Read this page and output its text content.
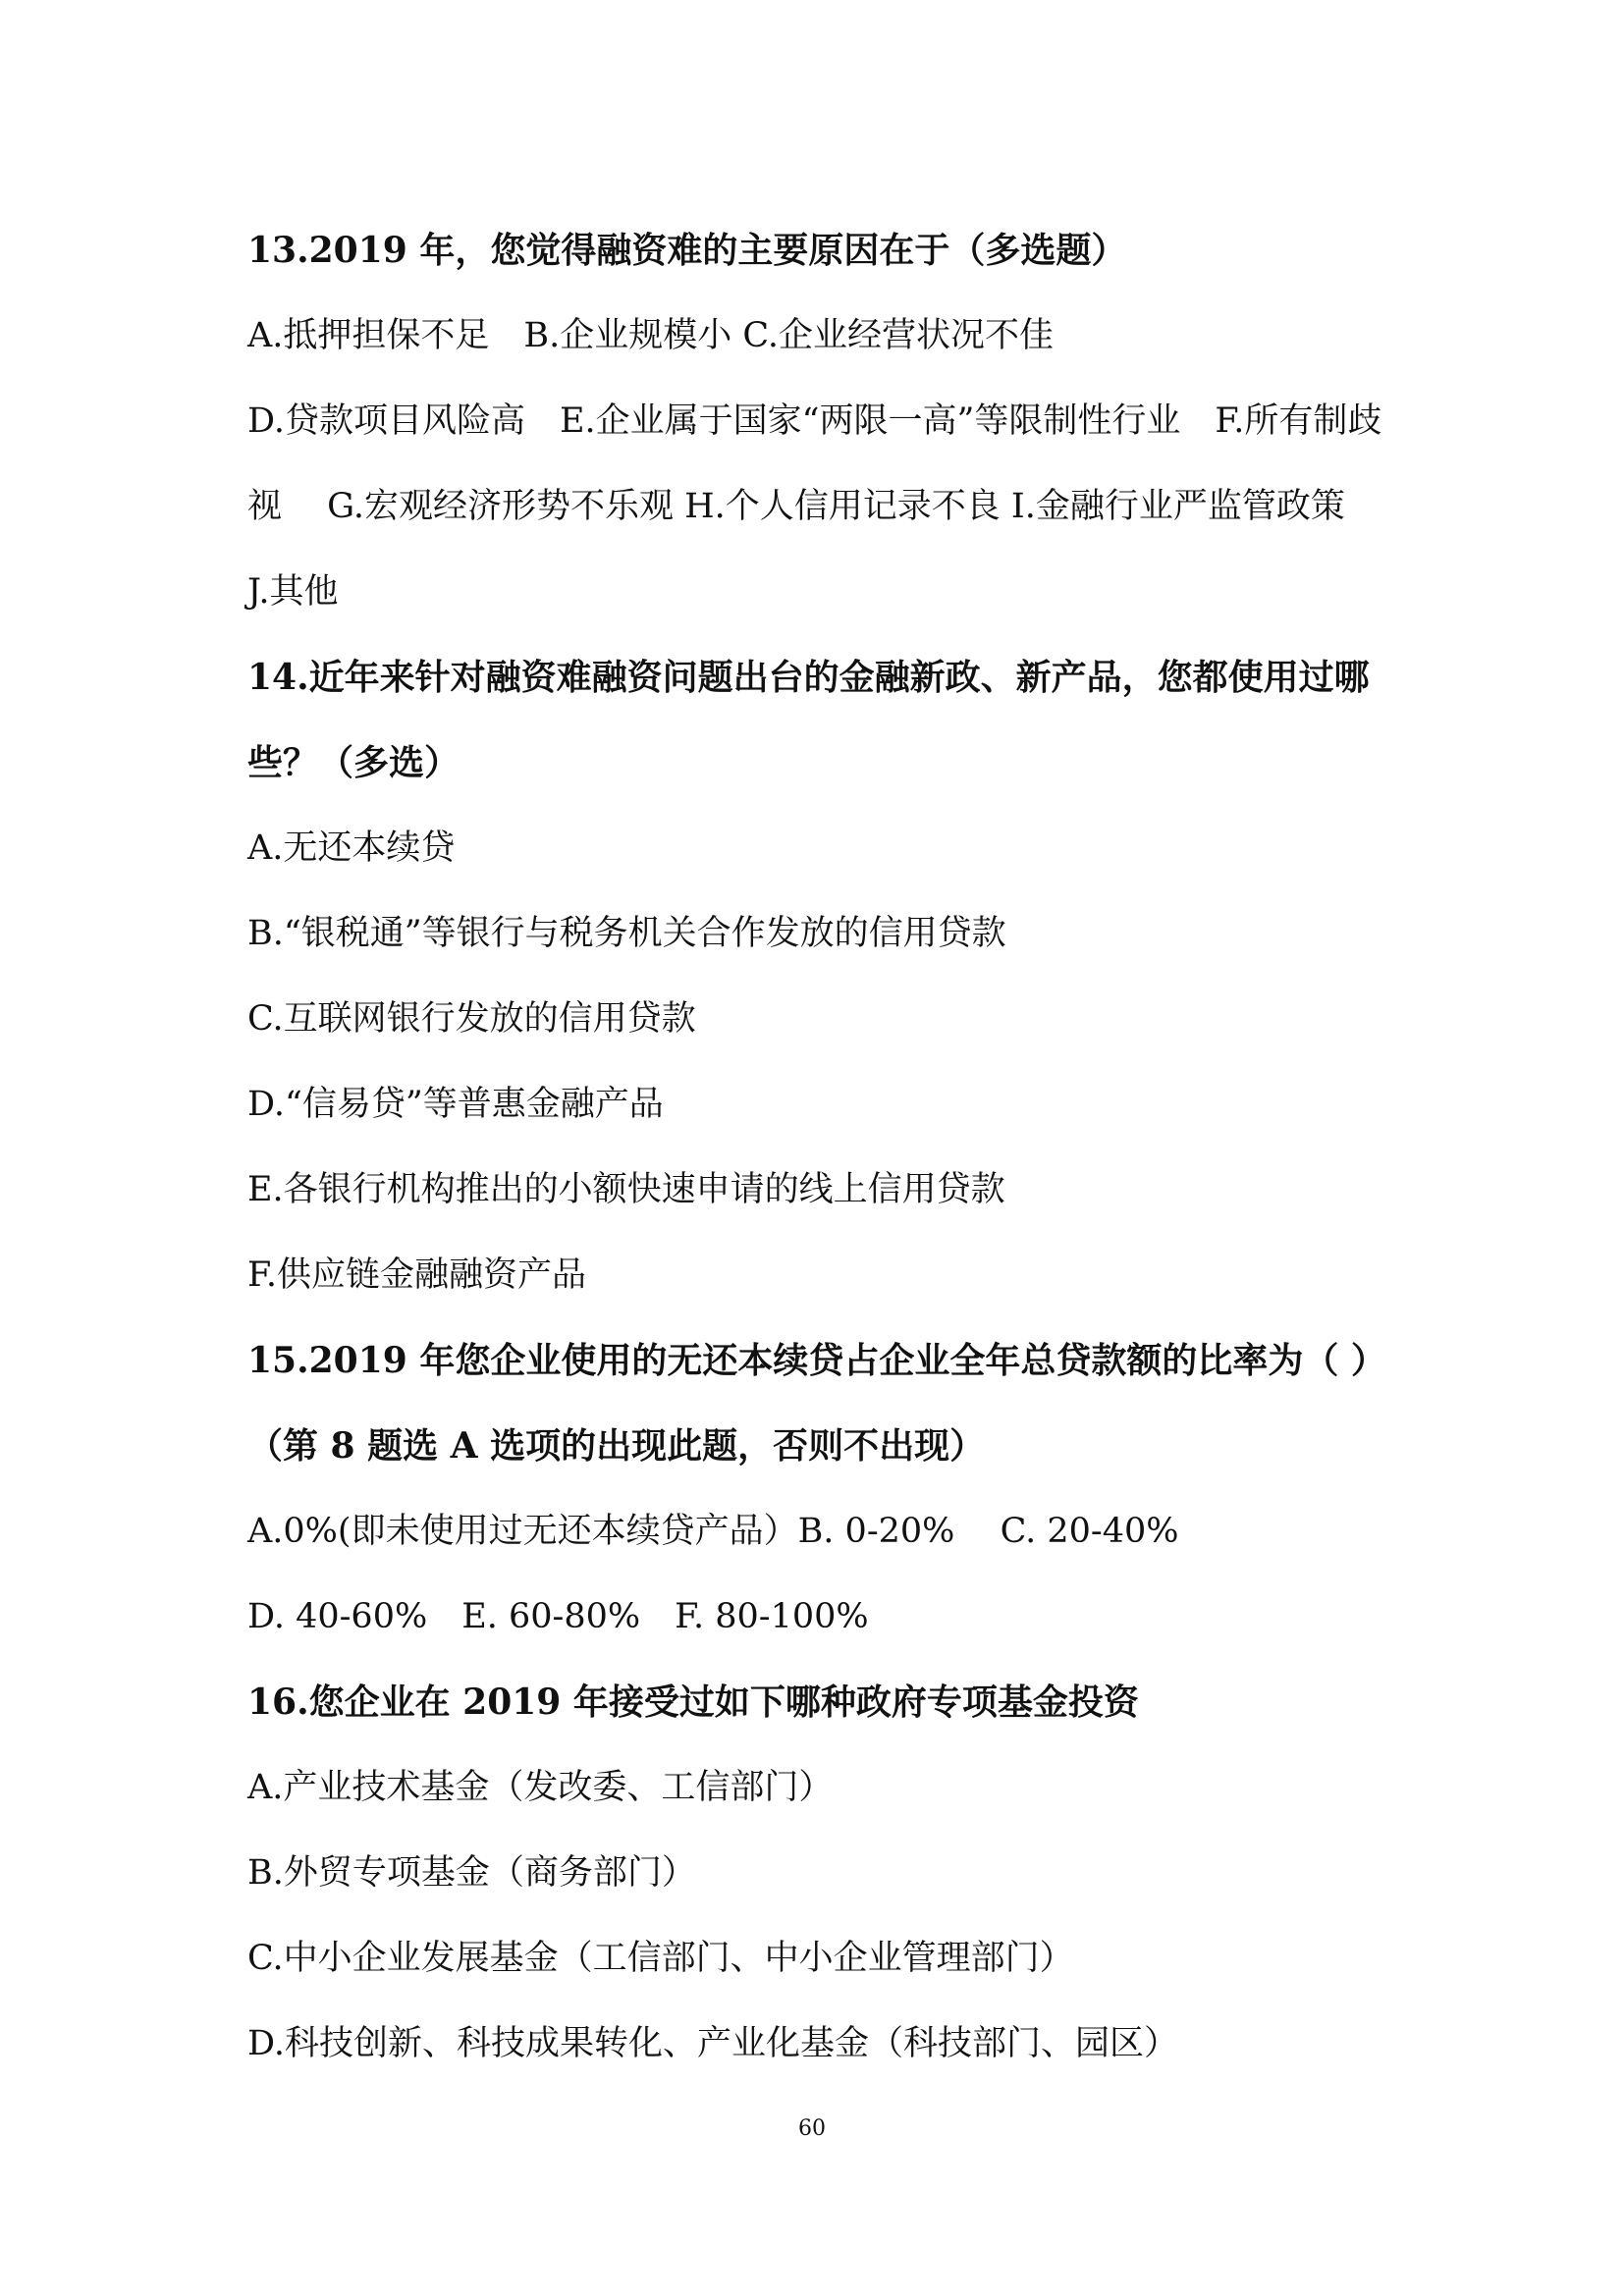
13.2019 年，您觉得融资难的主要原因在于（多选题）

A.抵押担保不足　B.企业规模小 C.企业经营状况不佳

D.贷款项目风险高　E.企业属于国家“两限一高”等限制性行业　F.所有制歧视　 G.宏观经济形势不乐观 H.个人信用记录不良 I.金融行业严监管政策　J.其他

14.近年来针对融资难融资问题出台的金融新政、新产品，您都使用过哪些？（多选）

A.无还本续贷

B.“银税通”等银行与税务机关合作发放的信用贷款

C.互联网银行发放的信用贷款

D.“信易贷”等普惠金融产品

E.各银行机构推出的小额快速申请的线上信用贷款

F.供应链金融融资产品

15.2019 年您企业使用的无还本续贷占企业全年总贷款额的比率为（ ）（第 8 题选 A 选项的出现此题，否则不出现）

A.0%(即未使用过无还本续贷产品）B. 0-20%　 C. 20-40%

D. 40-60%　E. 60-80%　F. 80-100%

16.您企业在 2019 年接受过如下哪种政府专项基金投资

A.产业技术基金（发改委、工信部门）

B.外贸专项基金（商务部门）

C.中小企业发展基金（工信部门、中小企业管理部门）

D.科技创新、科技成果转化、产业化基金（科技部门、园区）

60
